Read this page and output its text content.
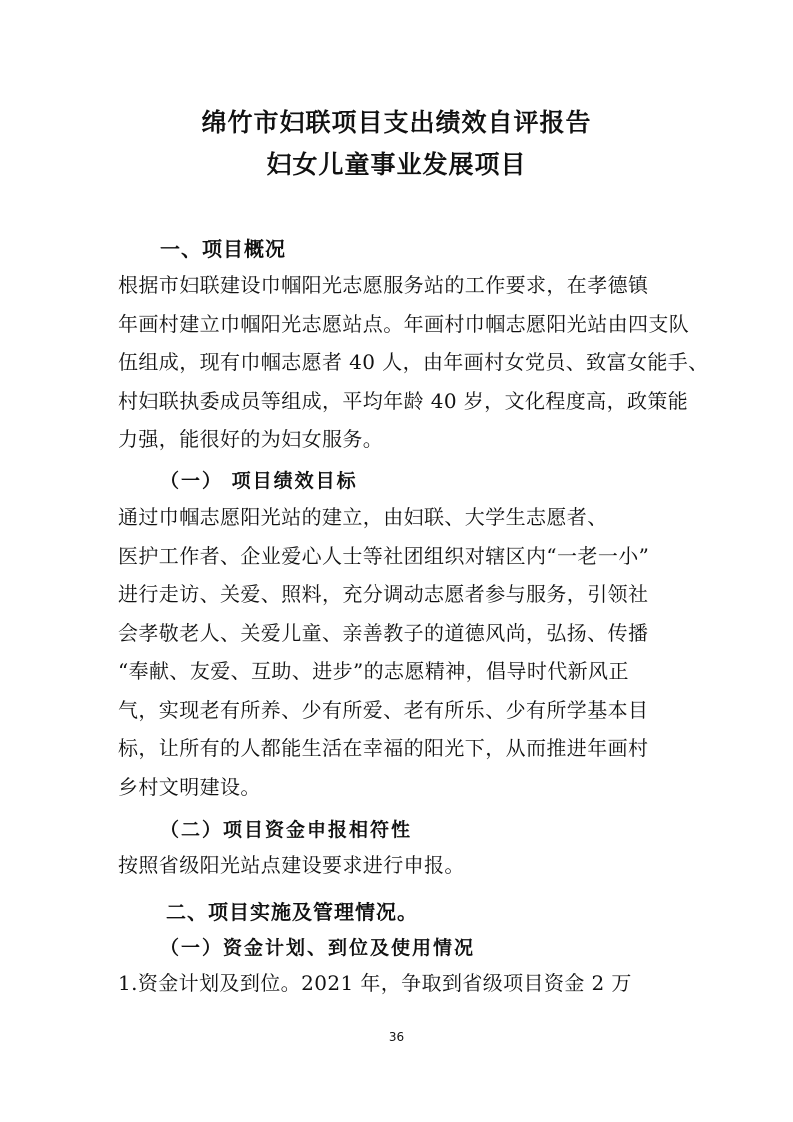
绵竹市妇联项目支出绩效自评报告
妇女儿童事业发展项目
一、项目概况
根据市妇联建设巾帼阳光志愿服务站的工作要求，在孝德镇
年画村建立巾帼阳光志愿站点。年画村巾帼志愿阳光站由四支队
伍组成，现有巾帼志愿者 40 人，由年画村女党员、致富女能手、
村妇联执委成员等组成，平均年龄 40 岁，文化程度高，政策能
力强，能很好的为妇女服务。
（一） 项目绩效目标
通过巾帼志愿阳光站的建立，由妇联、大学生志愿者、
医护工作者、企业爱心人士等社团组织对辖区内“一老一小”
进行走访、关爱、照料，充分调动志愿者参与服务，引领社
会孝敬老人、关爱儿童、亲善教子的道德风尚，弘扬、传播
“奉献、友爱、互助、进步”的志愿精神，倡导时代新风正
气，实现老有所养、少有所爱、老有所乐、少有所学基本目
标，让所有的人都能生活在幸福的阳光下，从而推进年画村
乡村文明建设。
（二）项目资金申报相符性
按照省级阳光站点建设要求进行申报。
二、项目实施及管理情况。
（一）资金计划、到位及使用情况
1.资金计划及到位。2021 年，争取到省级项目资金 2 万
36
